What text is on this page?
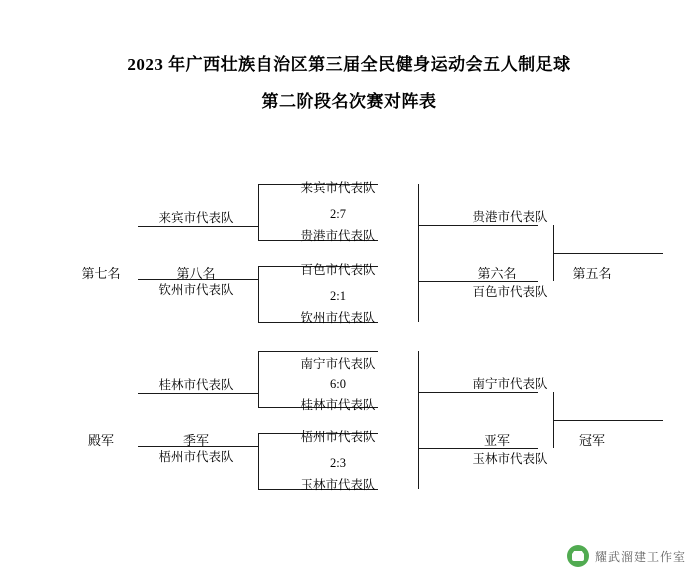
2023 年广西壮族自治区第三届全民健身运动会五人制足球
第二阶段名次赛对阵表
来宾市代表队
2:7
贵港市代表队
百色市代表队
2:1
钦州市代表队
来宾市代表队
钦州市代表队
第七名	第八名
贵港市代表队
百色市代表队
第六名	第五名
南宁市代表队
6:0
桂林市代表队
梧州市代表队
2:3
玉林市代表队
桂林市代表队
梧州市代表队
殿军	季军
南宁市代表队
玉林市代表队
亚军	冠军
耀武溜建工作室
